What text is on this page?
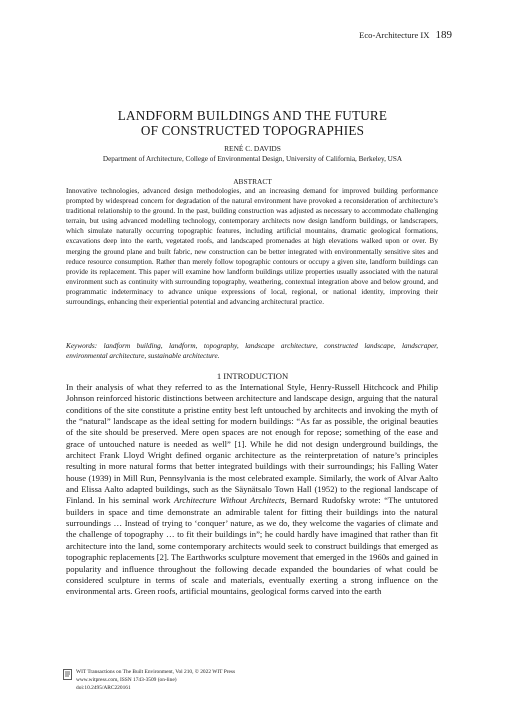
Eco-Architecture IX 189
LANDFORM BUILDINGS AND THE FUTURE
OF CONSTRUCTED TOPOGRAPHIES
RENÉ C. DAVIDS
Department of Architecture, College of Environmental Design, University of California, Berkeley, USA
ABSTRACT

Innovative technologies, advanced design methodologies, and an increasing demand for improved building performance prompted by widespread concern for degradation of the natural environment have provoked a reconsideration of architecture’s traditional relationship to the ground. In the past, building construction was adjusted as necessary to accommodate challenging terrain, but using advanced modelling technology, contemporary architects now design landform buildings, or landscrapers, which simulate naturally occurring topographic features, including artificial mountains, dramatic geological formations, excavations deep into the earth, vegetated roofs, and landscaped promenades at high elevations walked upon or over. By merging the ground plane and built fabric, new construction can be better integrated with environmentally sensitive sites and reduce resource consumption. Rather than merely follow topographic contours or occupy a given site, landform buildings can provide its replacement. This paper will examine how landform buildings utilize properties usually associated with the natural environment such as continuity with surrounding topography, weathering, contextual integration above and below ground, and programmatic indeterminacy to advance unique expressions of local, regional, or national identity, improving their surroundings, enhancing their experiential potential and advancing architectural practice.

Keywords: landform building, landform, topography, landscape architecture, constructed landscape, landscraper, environmental architecture, sustainable architecture.

1 INTRODUCTION

In their analysis of what they referred to as the International Style, Henry-Russell Hitchcock and Philip Johnson reinforced historic distinctions between architecture and landscape design, arguing that the natural conditions of the site constitute a pristine entity best left untouched by architects and invoking the myth of the “natural” landscape as the ideal setting for modern buildings: “As far as possible, the original beauties of the site should be preserved. Mere open spaces are not enough for repose; something of the ease and grace of untouched nature is needed as well” [1]. While he did not design underground buildings, the architect Frank Lloyd Wright defined organic architecture as the reinterpretation of nature’s principles resulting in more natural forms that better integrated buildings with their surroundings; his Falling Water house (1939) in Mill Run, Pennsylvania is the most celebrated example. Similarly, the work of Alvar Aalto and Elissa Aalto adapted buildings, such as the Säynätsalo Town Hall (1952) to the regional landscape of Finland. In his seminal work Architecture Without Architects, Bernard Rudofsky wrote: “The untutored builders in space and time demonstrate an admirable talent for fitting their buildings into the natural surroundings … Instead of trying to ‘conquer’ nature, as we do, they welcome the vagaries of climate and the challenge of topography … to fit their buildings in”; he could hardly have imagined that rather than fit architecture into the land, some contemporary architects would seek to construct buildings that emerged as topographic replacements [2]. The Earthworks sculpture movement that emerged in the 1960s and gained in popularity and influence throughout the following decade expanded the boundaries of what could be considered sculpture in terms of scale and materials, eventually exerting a strong influence on the environmental arts. Green roofs, artificial mountains, geological forms carved into the earth

WIT Transactions on The Built Environment, Vol 210, © 2022 WIT Press
www.witpress.com, ISSN 1743-3509 (on-line)
doi:10.2495/ARC220161
